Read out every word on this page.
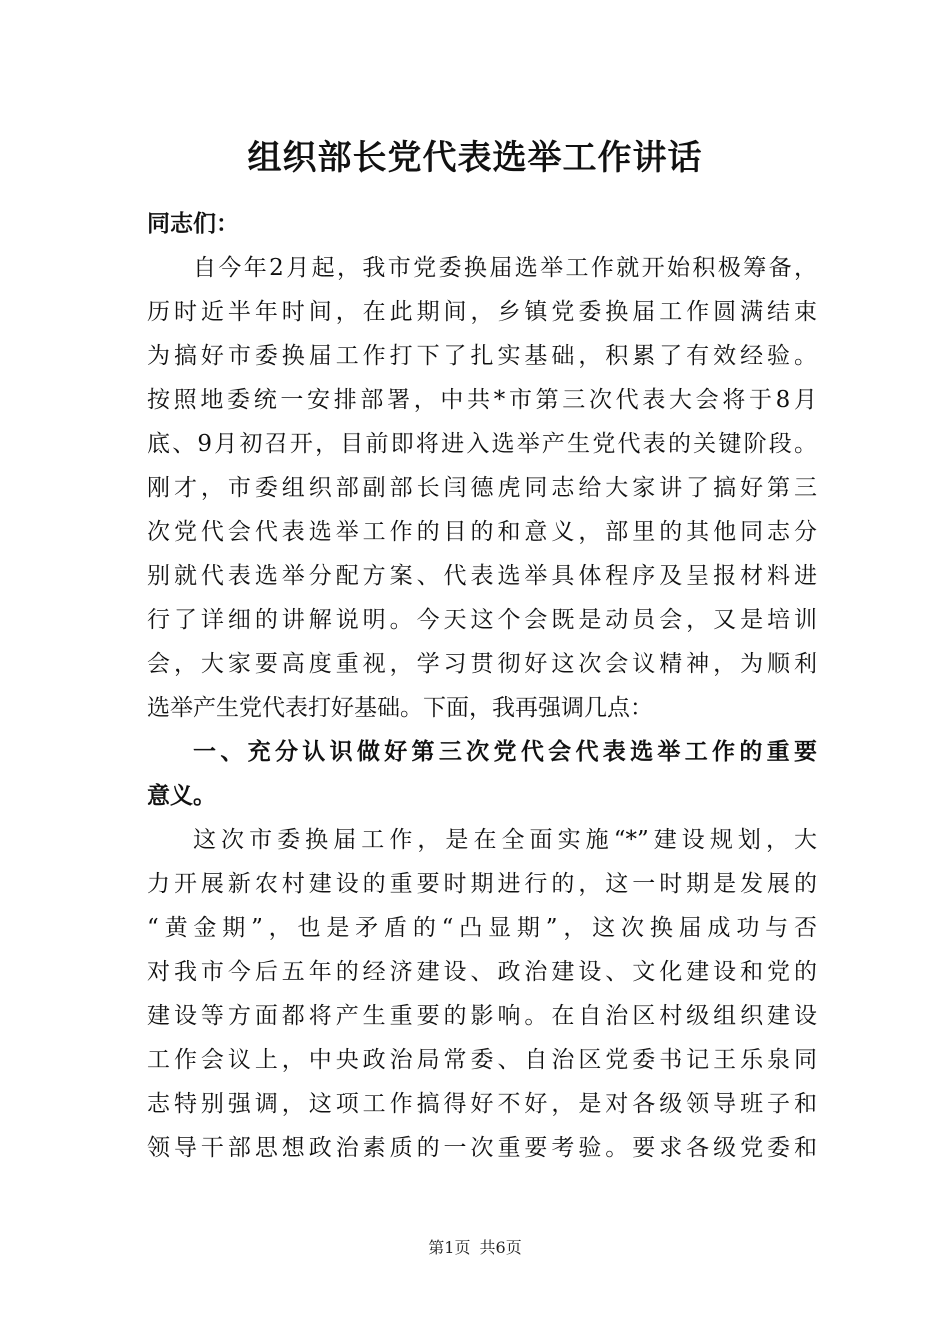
组织部长党代表选举工作讲话

同志们：

自今年2月起，我市党委换届选举工作就开始积极筹备，

历时近半年时间，在此期间，乡镇党委换届工作圆满结束

为搞好市委换届工作打下了扎实基础，积累了有效经验。

按照地委统一安排部署，中共*市第三次代表大会将于8月

底、9月初召开，目前即将进入选举产生党代表的关键阶段。

刚才，市委组织部副部长闫德虎同志给大家讲了搞好第三

次党代会代表选举工作的目的和意义，部里的其他同志分

别就代表选举分配方案、代表选举具体程序及呈报材料进

行了详细的讲解说明。今天这个会既是动员会，又是培训

会，大家要高度重视，学习贯彻好这次会议精神，为顺利

选举产生党代表打好基础。下面，我再强调几点：

一、充分认识做好第三次党代会代表选举工作的重要

意义。

这次市委换届工作，是在全面实施“*”建设规划，大

力开展新农村建设的重要时期进行的，这一时期是发展的

“黄金期”，也是矛盾的“凸显期”，这次换届成功与否

对我市今后五年的经济建设、政治建设、文化建设和党的

建设等方面都将产生重要的影响。在自治区村级组织建设

工作会议上，中央政治局常委、自治区党委书记王乐泉同

志特别强调，这项工作搞得好不好，是对各级领导班子和

领导干部思想政治素质的一次重要考验。要求各级党委和

第1页 共6页
